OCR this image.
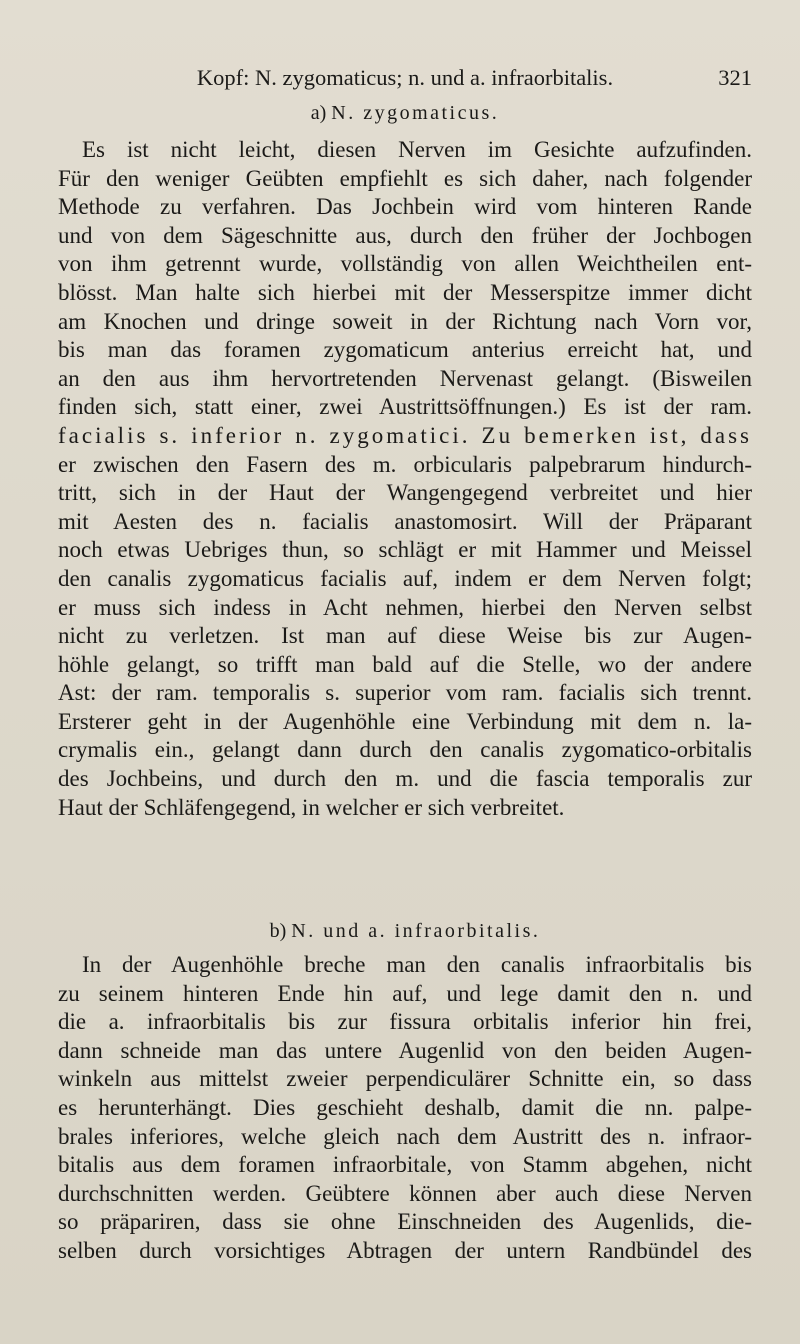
Kopf: N. zygomaticus; n. und a. infraorbitalis.	321
a) N. zygomaticus.
Es ist nicht leicht, diesen Nerven im Gesichte aufzufinden.
Für den weniger Geübten empfiehlt es sich daher, nach folgender
Methode zu verfahren. Das Jochbein wird vom hinteren Rande
und von dem Sägeschnitte aus, durch den früher der Jochbogen
von ihm getrennt wurde, vollständig von allen Weichtheilen ent-
blösst. Man halte sich hierbei mit der Messerspitze immer dicht
am Knochen und dringe soweit in der Richtung nach Vorn vor,
bis man das foramen zygomaticum anterius erreicht hat, und
an den aus ihm hervortretenden Nervenast gelangt. (Bisweilen
finden sich, statt einer, zwei Austrittsöffnungen.) Es ist der ram.
facialis s. inferior n. zygomatici. Zu bemerken ist, dass
er zwischen den Fasern des m. orbicularis palpebrarum hindurch-
tritt, sich in der Haut der Wangengegend verbreitet und hier
mit Aesten des n. facialis anastomosirt. Will der Präparant
noch etwas Uebriges thun, so schlägt er mit Hammer und Meissel
den canalis zygomaticus facialis auf, indem er dem Nerven folgt;
er muss sich indess in Acht nehmen, hierbei den Nerven selbst
nicht zu verletzen. Ist man auf diese Weise bis zur Augen-
höhle gelangt, so trifft man bald auf die Stelle, wo der andere
Ast: der ram. temporalis s. superior vom ram. facialis sich trennt.
Ersterer geht in der Augenhöhle eine Verbindung mit dem n. la-
crymalis ein., gelangt dann durch den canalis zygomatico-orbitalis
des Jochbeins, und durch den m. und die fascia temporalis zur
Haut der Schläfengegend, in welcher er sich verbreitet.
b) N. und a. infraorbitalis.
In der Augenhöhle breche man den canalis infraorbitalis bis
zu seinem hinteren Ende hin auf, und lege damit den n. und
die a. infraorbitalis bis zur fissura orbitalis inferior hin frei,
dann schneide man das untere Augenlid von den beiden Augen-
winkeln aus mittelst zweier perpendiculärer Schnitte ein, so dass
es herunterhängt. Dies geschieht deshalb, damit die nn. palpe-
brales inferiores, welche gleich nach dem Austritt des n. infraor-
bitalis aus dem foramen infraorbitale, von Stamm abgehen, nicht
durchschnitten werden. Geübtere können aber auch diese Nerven
so präpariren, dass sie ohne Einschneiden des Augenlids, die-
selben durch vorsichtiges Abtragen der untern Randbündel des
